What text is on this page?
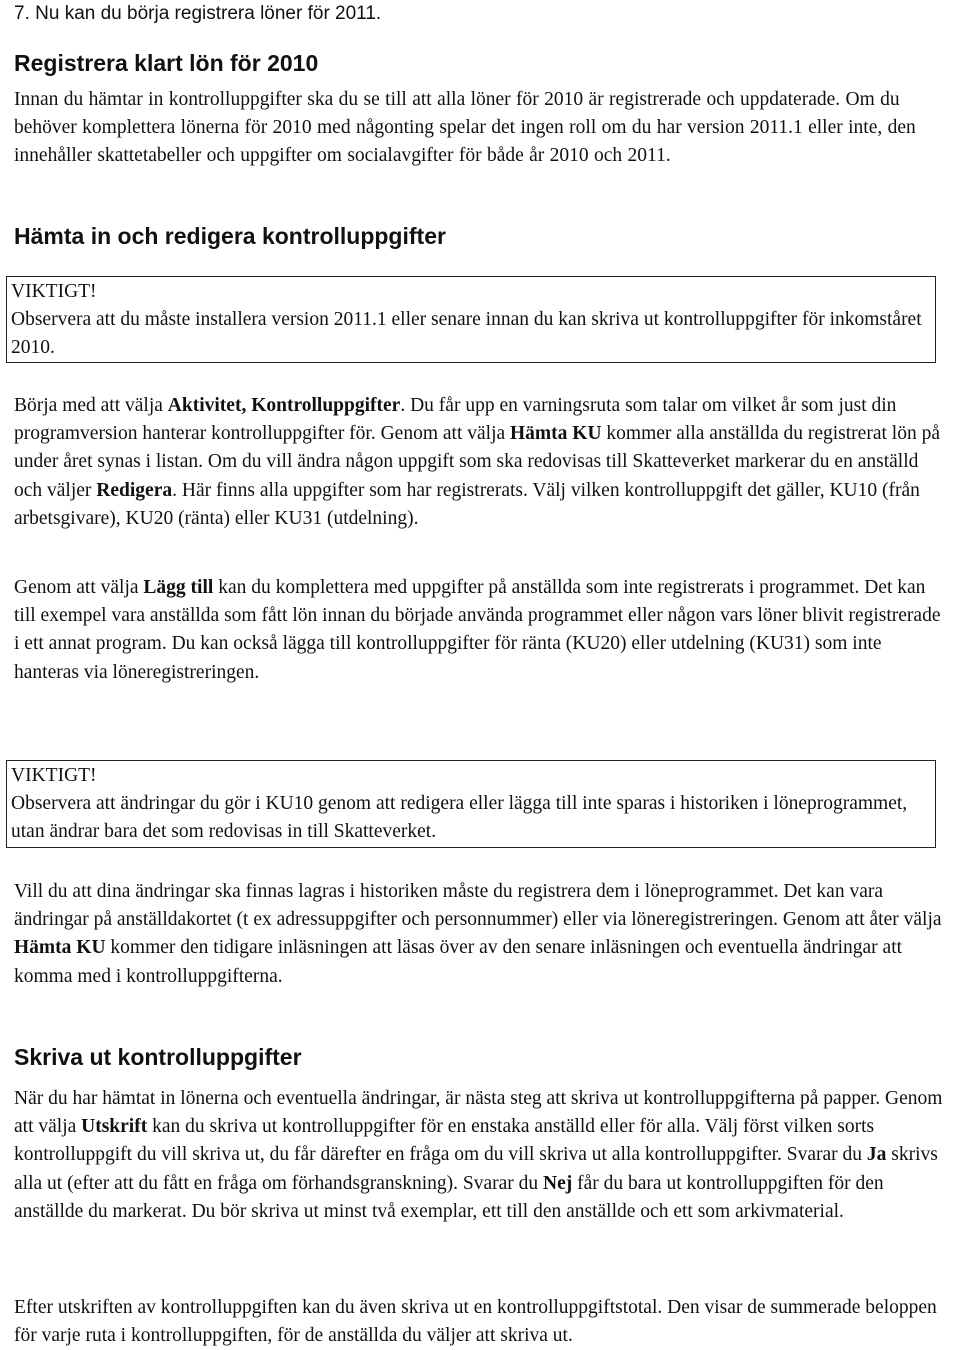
7. Nu kan du börja registrera löner för 2011.
Registrera klart lön för 2010

Innan du hämtar in kontrolluppgifter ska du se till att alla löner för 2010 är registrerade och uppdaterade. Om du behöver komplettera lönerna för 2010 med någonting spelar det ingen roll om du har version 2011.1 eller inte, den innehåller skattetabeller och uppgifter om socialavgifter för både år 2010 och 2011.

Hämta in och redigera kontrolluppgifter
VIKTIGT!
Observera att du måste installera version 2011.1 eller senare innan du kan skriva ut kontrolluppgifter för inkomståret 2010.

Börja med att välja Aktivitet, Kontrolluppgifter. Du får upp en varningsruta som talar om vilket år som just din programversion hanterar kontrolluppgifter för. Genom att välja Hämta KU kommer alla anställda du registrerat lön på under året synas i listan. Om du vill ändra någon uppgift som ska redovisas till Skatteverket markerar du en anställd och väljer Redigera. Här finns alla uppgifter som har registrerats. Välj vilken kontrolluppgift det gäller, KU10 (från arbetsgivare), KU20 (ränta) eller KU31 (utdelning).

Genom att välja Lägg till kan du komplettera med uppgifter på anställda som inte registrerats i programmet. Det kan till exempel vara anställda som fått lön innan du började använda programmet eller någon vars löner blivit registrerade i ett annat program. Du kan också lägga till kontrolluppgifter för ränta (KU20) eller utdelning (KU31) som inte hanteras via löneregistreringen.

VIKTIGT!
Observera att ändringar du gör i KU10 genom att redigera eller lägga till inte sparas i historiken i löneprogrammet, utan ändrar bara det som redovisas in till Skatteverket.

Vill du att dina ändringar ska finnas lagras i historiken måste du registrera dem i löneprogrammet. Det kan vara ändringar på anställdakortet (t ex adressuppgifter och personnummer) eller via löneregistreringen. Genom att åter välja Hämta KU kommer den tidigare inläsningen att läsas över av den senare inläsningen och eventuella ändringar att komma med i kontrolluppgifterna.

Skriva ut kontrolluppgifter

När du har hämtat in lönerna och eventuella ändringar, är nästa steg att skriva ut kontrolluppgifterna på papper. Genom att välja Utskrift kan du skriva ut kontrolluppgifter för en enstaka anställd eller för alla. Välj först vilken sorts kontrolluppgift du vill skriva ut, du får därefter en fråga om du vill skriva ut alla kontrolluppgifter. Svarar du Ja skrivs alla ut (efter att du fått en fråga om förhandsgranskning). Svarar du Nej får du bara ut kontrolluppgiften för den anställde du markerat. Du bör skriva ut minst två exemplar, ett till den anställde och ett som arkivmaterial.

Efter utskriften av kontrolluppgiften kan du även skriva ut en kontrolluppgiftstotal. Den visar de summerade beloppen för varje ruta i kontrolluppgiften, för de anställda du väljer att skriva ut.
